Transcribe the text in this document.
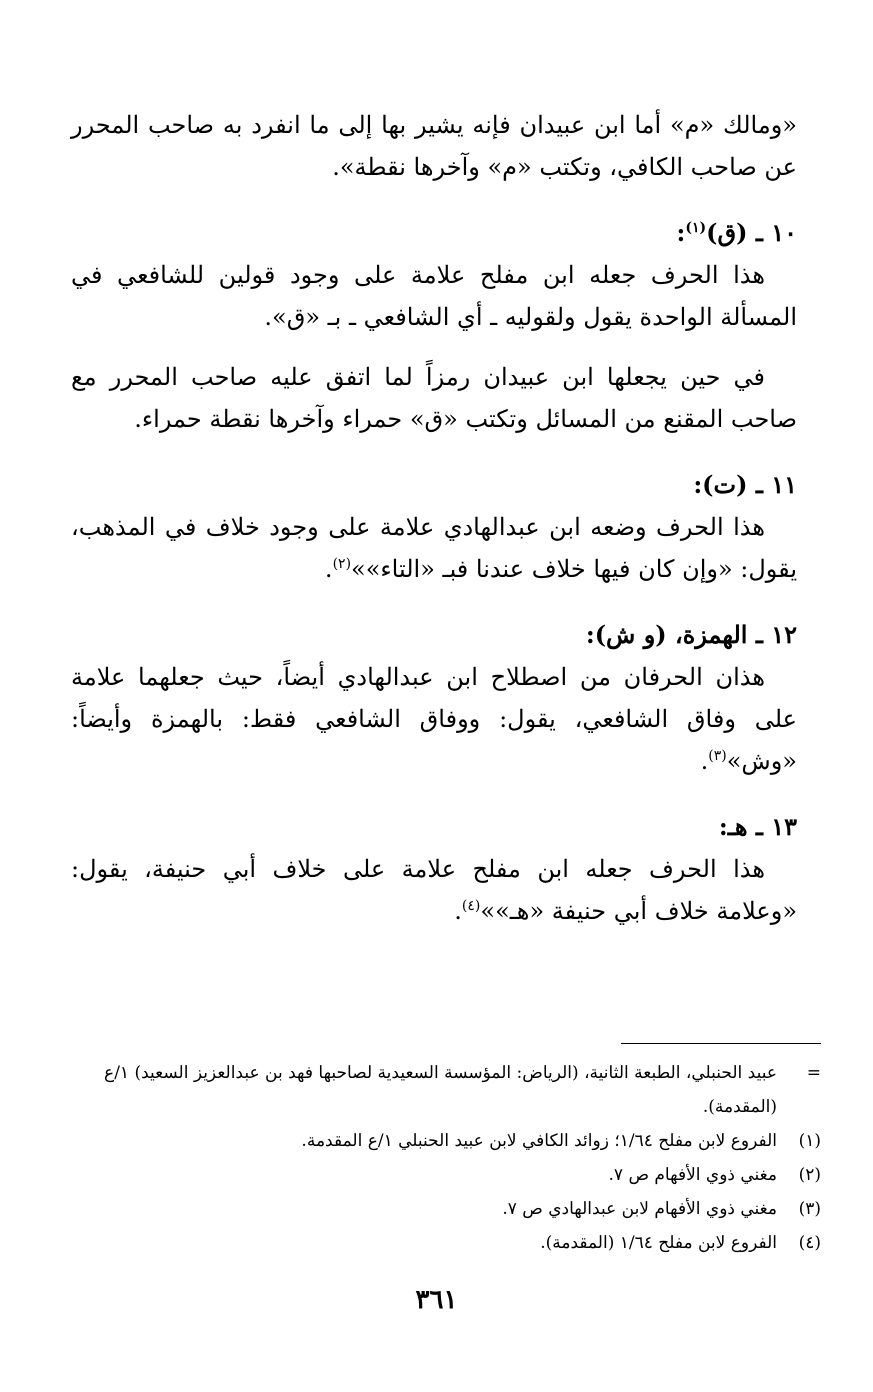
«ومالك «م» أما ابن عبيدان فإنه يشير بها إلى ما انفرد به صاحب المحرر عن صاحب الكافي، وتكتب «م» وآخرها نقطة».

١٠ ـ (ق)$^{(١)}$:

هذا الحرف جعله ابن مفلح علامة على وجود قولين للشافعي في المسألة الواحدة يقول ولقوليه ـ أي الشافعي ـ بـ «ق».

في حين يجعلها ابن عبيدان رمزاً لما اتفق عليه صاحب المحرر مع صاحب المقنع من المسائل وتكتب «ق» حمراء وآخرها نقطة حمراء.

١١ ـ (ت):

هذا الحرف وضعه ابن عبدالهادي علامة على وجود خلاف في المذهب، يقول: «وإن كان فيها خلاف عندنا فبـ «التاء»»$^{(٢)}$.

١٢ ـ الهمزة، (و ش):

هذان الحرفان من اصطلاح ابن عبدالهادي أيضاً، حيث جعلهما علامة على وفاق الشافعي، يقول: ووفاق الشافعي فقط: بالهمزة وأيضاً: «وش»$^{(٣)}$.

١٣ ـ هـ:

هذا الحرف جعله ابن مفلح علامة على خلاف أبي حنيفة، يقول: «وعلامة خلاف أبي حنيفة «هـ»»$^{(٤)}$.

=
عبيد الحنبلي، الطبعة الثانية، (الرياض: المؤسسة السعيدية لصاحبها فهد بن عبدالعزيز السعيد) ١/ع (المقدمة).
(١)
الفروع لابن مفلح ١/٦٤؛ زوائد الكافي لابن عبيد الحنبلي ١/ع المقدمة.
(٢)
مغني ذوي الأفهام ص ٧.
(٣)
مغني ذوي الأفهام لابن عبدالهادي ص ٧.
(٤)
الفروع لابن مفلح ١/٦٤ (المقدمة).
٣٦١
